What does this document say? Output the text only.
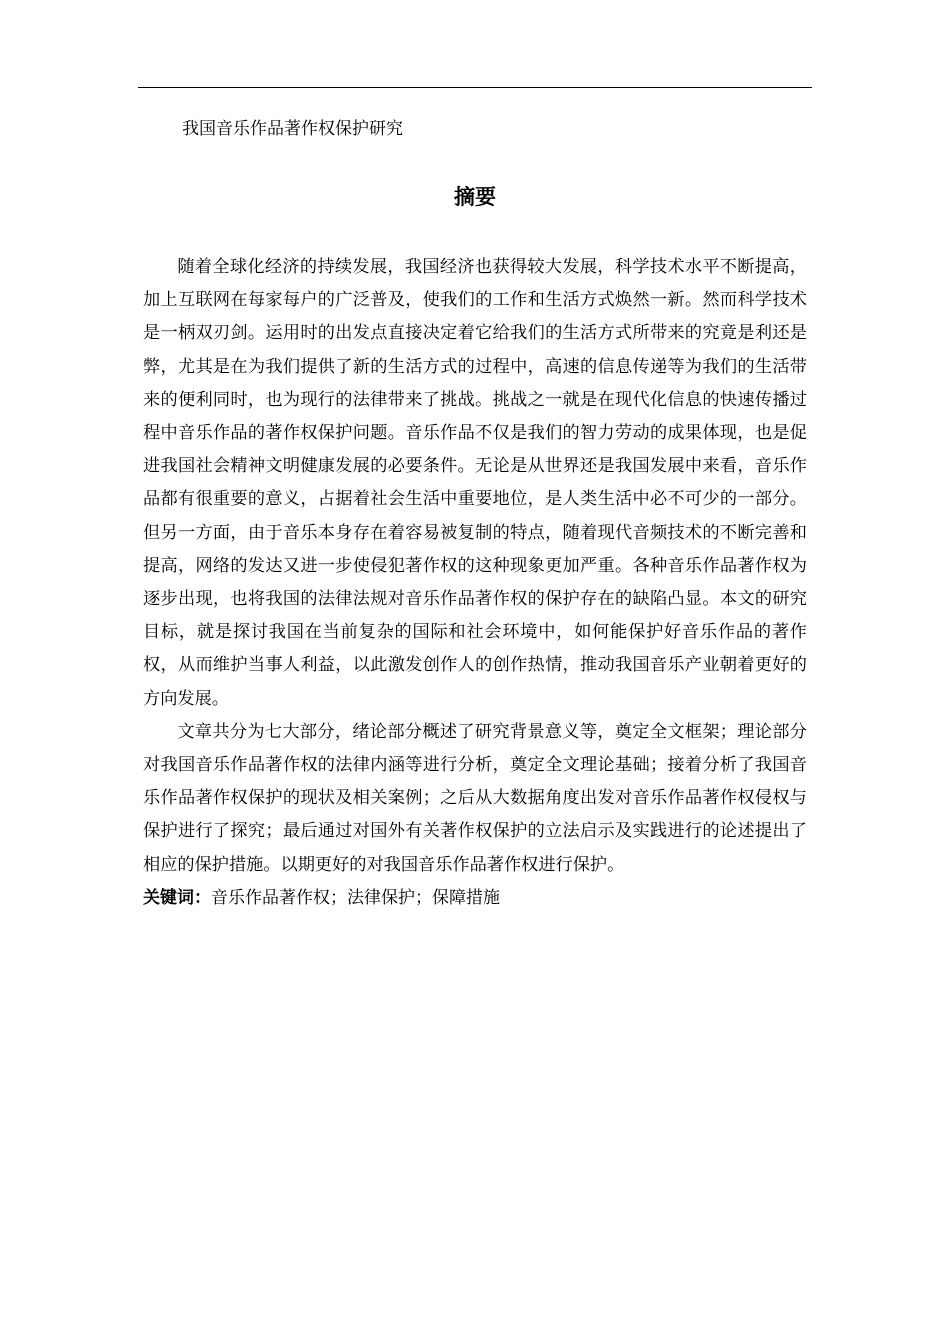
我国音乐作品著作权保护研究
摘要

随着全球化经济的持续发展，我国经济也获得较大发展，科学技术水平不断提高，加上互联网在每家每户的广泛普及，使我们的工作和生活方式焕然一新。然而科学技术是一柄双刃剑。运用时的出发点直接决定着它给我们的生活方式所带来的究竟是利还是弊，尤其是在为我们提供了新的生活方式的过程中，高速的信息传递等为我们的生活带来的便利同时，也为现行的法律带来了挑战。挑战之一就是在现代化信息的快速传播过程中音乐作品的著作权保护问题。音乐作品不仅是我们的智力劳动的成果体现，也是促进我国社会精神文明健康发展的必要条件。无论是从世界还是我国发展中来看，音乐作品都有很重要的意义，占据着社会生活中重要地位，是人类生活中必不可少的一部分。但另一方面，由于音乐本身存在着容易被复制的特点，随着现代音频技术的不断完善和提高，网络的发达又进一步使侵犯著作权的这种现象更加严重。各种音乐作品著作权为逐步出现，也将我国的法律法规对音乐作品著作权的保护存在的缺陷凸显。本文的研究目标，就是探讨我国在当前复杂的国际和社会环境中，如何能保护好音乐作品的著作权，从而维护当事人利益，以此激发创作人的创作热情，推动我国音乐产业朝着更好的方向发展。

文章共分为七大部分，绪论部分概述了研究背景意义等，奠定全文框架；理论部分对我国音乐作品著作权的法律内涵等进行分析，奠定全文理论基础；接着分析了我国音乐作品著作权保护的现状及相关案例；之后从大数据角度出发对音乐作品著作权侵权与保护进行了探究；最后通过对国外有关著作权保护的立法启示及实践进行的论述提出了相应的保护措施。以期更好的对我国音乐作品著作权进行保护。

关键词：音乐作品著作权；法律保护；保障措施
